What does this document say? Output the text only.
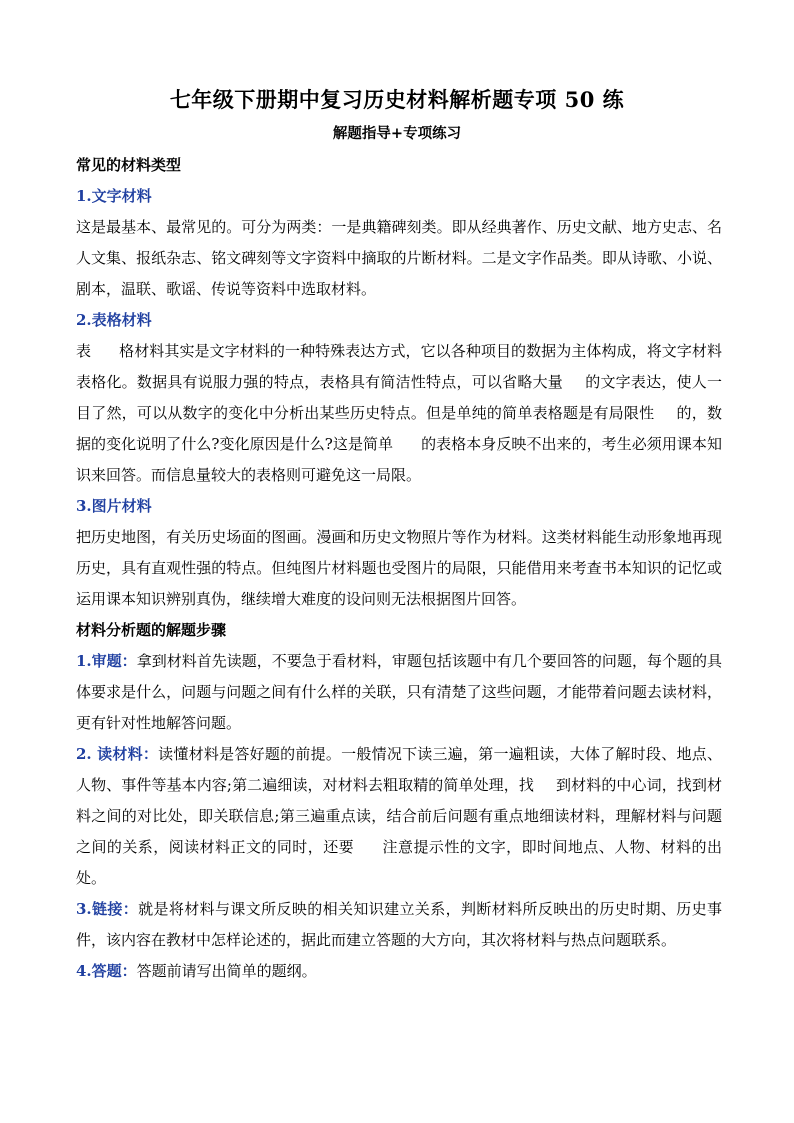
七年级下册期中复习历史材料解析题专项 50 练
解题指导+专项练习
常见的材料类型
1.文字材料
这是最基本、最常见的。可分为两类：一是典籍碑刻类。即从经典著作、历史文献、地方史志、名人文集、报纸杂志、铭文碑刻等文字资料中摘取的片断材料。二是文字作品类。即从诗歌、小说、剧本，温联、歌谣、传说等资料中选取材料。
2.表格材料
表 格材料其实是文字材料的一种特殊表达方式，它以各种项目的数据为主体构成，将文字材料表格化。数据具有说服力强的特点，表格具有简洁性特点，可以省略大量 的文字表达，使人一目了然，可以从数字的变化中分析出某些历史特点。但是单纯的简单表格题是有局限性 的，数据的变化说明了什么?变化原因是什么?这是简单 的表格本身反映不出来的，考生必须用课本知识来回答。而信息量较大的表格则可避免这一局限。
3.图片材料
把历史地图，有关历史场面的图画。漫画和历史文物照片等作为材料。这类材料能生动形象地再现历史，具有直观性强的特点。但纯图片材料题也受图片的局限，只能借用来考查书本知识的记忆或运用课本知识辨别真伪，继续增大难度的设问则无法根据图片回答。
材料分析题的解题步骤
1.审题：拿到材料首先读题，不要急于看材料，审题包括该题中有几个要回答的问题，每个题的具体要求是什么，问题与问题之间有什么样的关联，只有清楚了这些问题，才能带着问题去读材料，更有针对性地解答问题。
2. 读材料：读懂材料是答好题的前提。一般情况下读三遍，第一遍粗读，大体了解时段、地点、人物、事件等基本内容;第二遍细读，对材料去粗取精的简单处理，找 到材料的中心词，找到材料之间的对比处，即关联信息;第三遍重点读，结合前后问题有重点地细读材料，理解材料与问题之间的关系，阅读材料正文的同时，还要 注意提示性的文字，即时间地点、人物、材料的出处。
3.链接：就是将材料与课文所反映的相关知识建立关系，判断材料所反映出的历史时期、历史事件，该内容在教材中怎样论述的，据此而建立答题的大方向，其次将材料与热点问题联系。
4.答题：答题前请写出简单的题纲。
